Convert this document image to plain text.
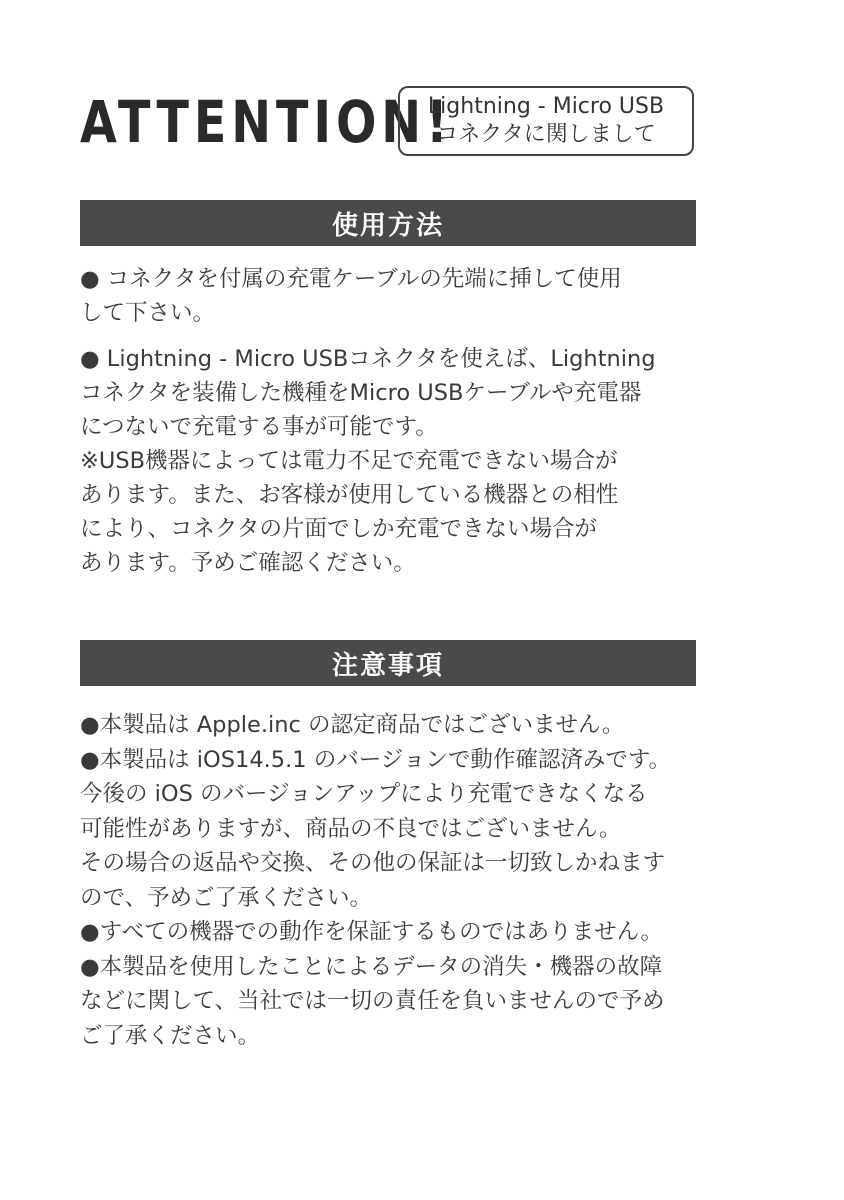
ATTENTION!
Lightning - Micro USB
コネクタに関しまして
使用方法

● コネクタを付属の充電ケーブルの先端に挿して使用

して下さい。

● Lightning - Micro USBコネクタを使えば、Lightning

コネクタを装備した機種をMicro USBケーブルや充電器

につないで充電する事が可能です。

※USB機器によっては電力不足で充電できない場合が

あります。また、お客様が使用している機器との相性

により、コネクタの片面でしか充電できない場合が

あります。予めご確認ください。

注意事項

●本製品は Apple.inc の認定商品ではございません。

●本製品は iOS14.5.1 のバージョンで動作確認済みです。

今後の iOS のバージョンアップにより充電できなくなる

可能性がありますが、商品の不良ではございません。

その場合の返品や交換、その他の保証は一切致しかねます

ので、予めご了承ください。

●すべての機器での動作を保証するものではありません。

●本製品を使用したことによるデータの消失・機器の故障

などに関して、当社では一切の責任を負いませんので予め

ご了承ください。
